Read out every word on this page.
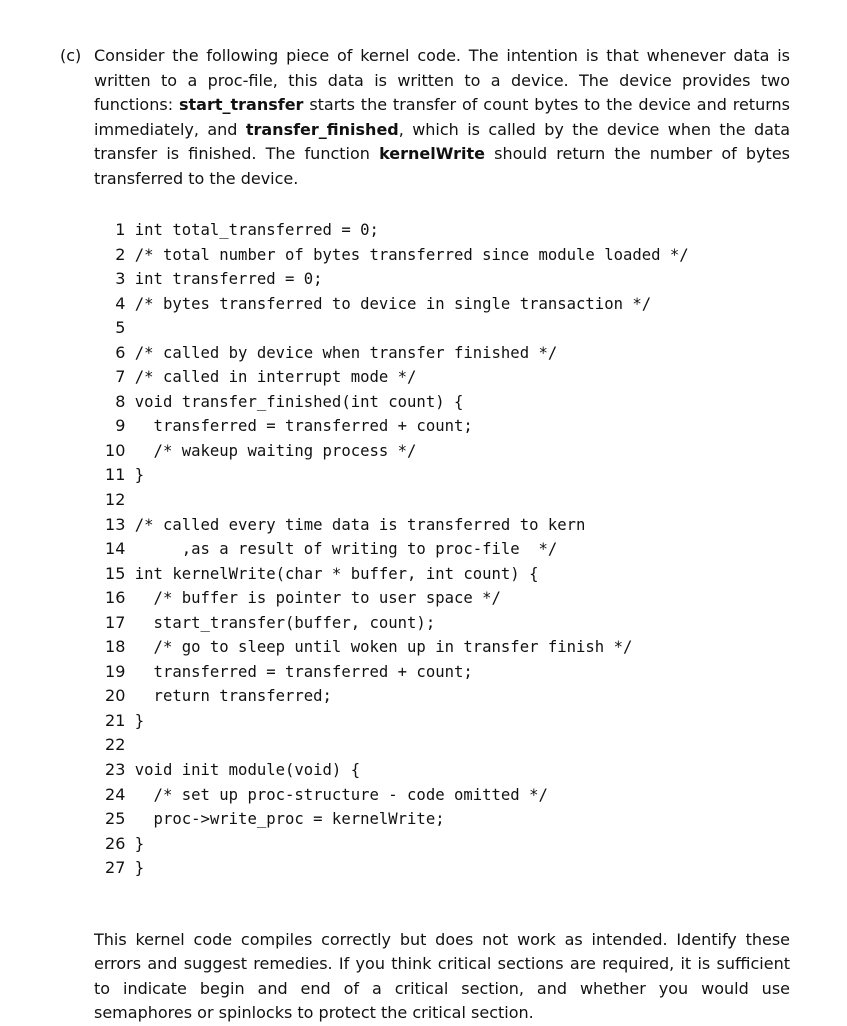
(c) Consider the following piece of kernel code. The intention is that whenever data is written to a proc-file, this data is written to a device. The device provides two functions: start_transfer starts the transfer of count bytes to the device and returns immediately, and transfer_finished, which is called by the device when the data transfer is finished. The function kernelWrite should return the number of bytes transferred to the device.

1 int total_transferred = 0;
2 /* total number of bytes transferred since module loaded */
3 int transferred = 0;
4 /* bytes transferred to device in single transaction */
5
6 /* called by device when transfer finished */
7 /* called in interrupt mode */
8 void transfer_finished(int count) {
9   transferred = transferred + count;
10   /* wakeup waiting process */
11 }
12
13 /* called every time data is transferred to kern
14      ,as a result of writing to proc-file  */
15 int kernelWrite(char * buffer, int count) {
16   /* buffer is pointer to user space */
17   start_transfer(buffer, count);
18   /* go to sleep until woken up in transfer finish */
19   transferred = transferred + count;
20   return transferred;
21 }
22
23 void init module(void) {
24   /* set up proc-structure - code omitted */
25   proc->write_proc = kernelWrite;
26 }
27 }

This kernel code compiles correctly but does not work as intended. Identify these errors and suggest remedies. If you think critical sections are required, it is sufficient to indicate begin and end of a critical section, and whether you would use semaphores or spinlocks to protect the critical section.
